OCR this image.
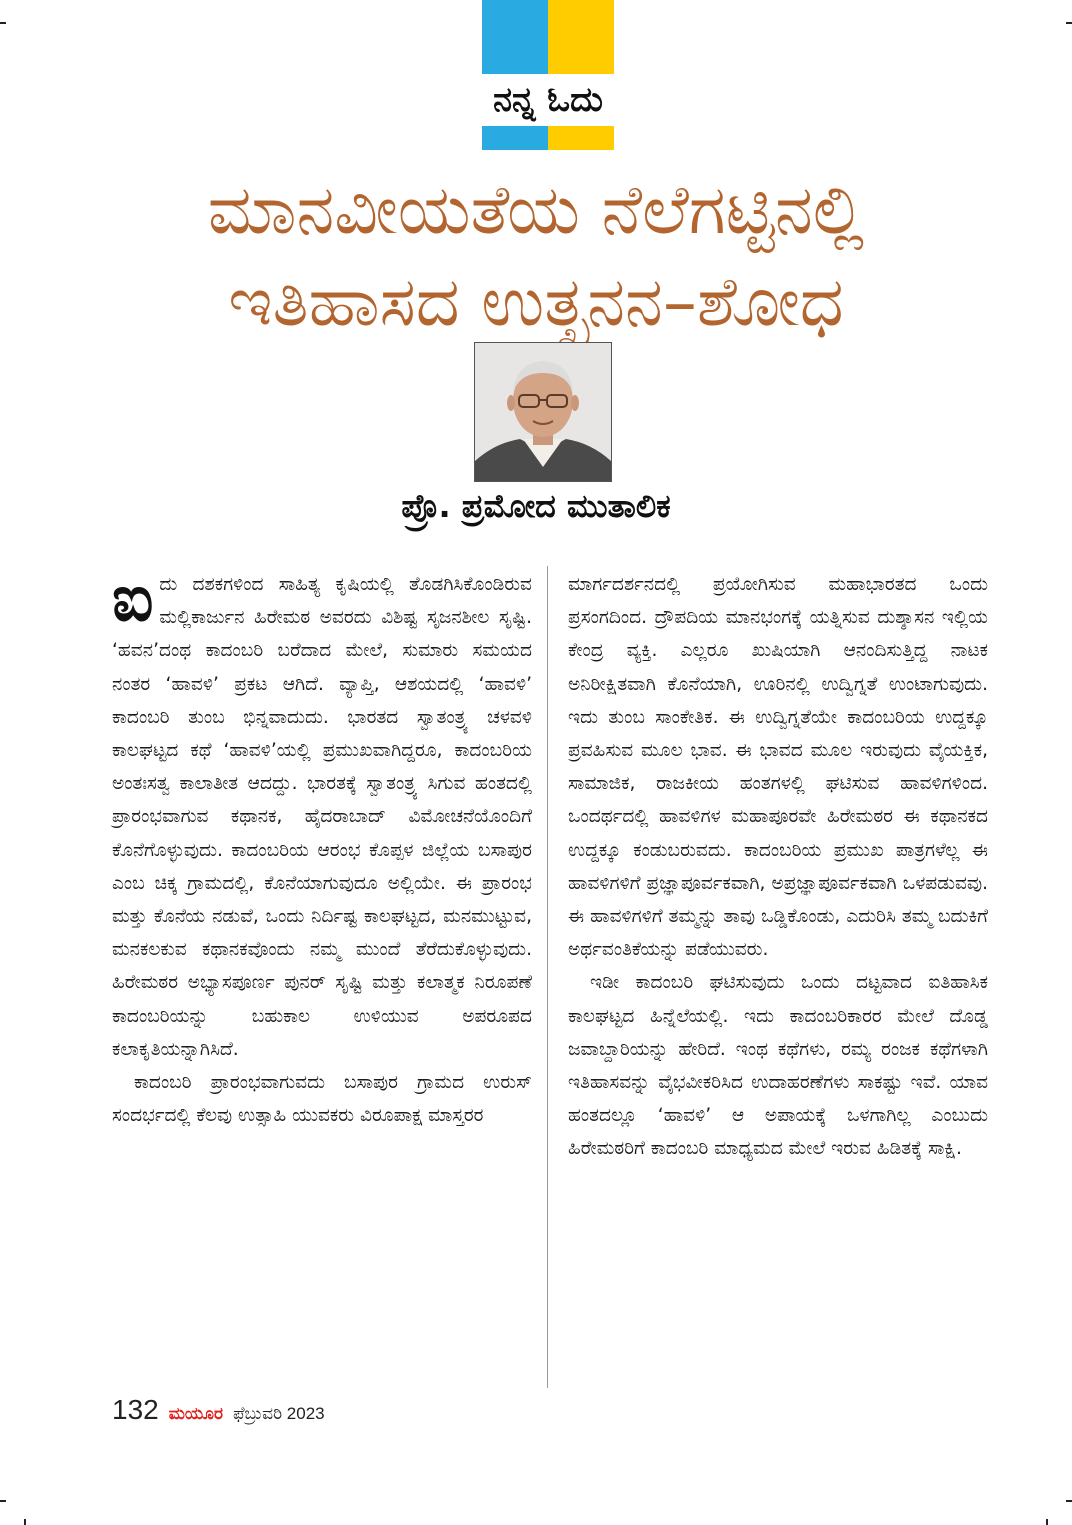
ನನ್ನ ಓದು
ಮಾನವೀಯತೆಯ ನೆಲೆಗಟ್ಟಿನಲ್ಲಿ
ಇತಿಹಾಸದ ಉತ್ಖನನ–ಶೋಧ
ಪ್ರೊ. ಪ್ರಮೋದ ಮುತಾಲಿಕ

ಐದು ದಶಕಗಳಿಂದ ಸಾಹಿತ್ಯ ಕೃಷಿಯಲ್ಲಿ ತೊಡಗಿಸಿಕೊಂಡಿರುವ ಮಲ್ಲಿಕಾರ್ಜುನ ಹಿರೇಮಠ ಅವರದು ವಿಶಿಷ್ಟ ಸೃಜನಶೀಲ ಸೃಷ್ಟಿ. ‘ಹವನ’ದಂಥ ಕಾದಂಬರಿ ಬರೆದಾದ ಮೇಲೆ, ಸುಮಾರು ಸಮಯದ ನಂತರ ‘ಹಾವಳಿ’ ಪ್ರಕಟ ಆಗಿದೆ. ವ್ಯಾಪ್ತಿ, ಆಶಯದಲ್ಲಿ ‘ಹಾವಳಿ’ ಕಾದಂಬರಿ ತುಂಬ ಭಿನ್ನವಾದುದು. ಭಾರತದ ಸ್ವಾತಂತ್ರ್ಯ ಚಳವಳಿ ಕಾಲಘಟ್ಟದ ಕಥೆ ‘ಹಾವಳಿ’ಯಲ್ಲಿ ಪ್ರಮುಖವಾಗಿದ್ದರೂ, ಕಾದಂಬರಿಯ ಅಂತಃಸತ್ವ ಕಾಲಾತೀತ ಆದದ್ದು. ಭಾರತಕ್ಕೆ ಸ್ವಾತಂತ್ರ್ಯ ಸಿಗುವ ಹಂತದಲ್ಲಿ ಪ್ರಾರಂಭವಾಗುವ ಕಥಾನಕ, ಹೈದರಾಬಾದ್ ವಿಮೋಚನೆಯೊಂದಿಗೆ ಕೊನೆಗೊಳ್ಳುವುದು. ಕಾದಂಬರಿಯ ಆರಂಭ ಕೊಪ್ಪಳ ಜಿಲ್ಲೆಯ ಬಸಾಪುರ ಎಂಬ ಚಿಕ್ಕ ಗ್ರಾಮದಲ್ಲಿ, ಕೊನೆಯಾಗುವುದೂ ಅಲ್ಲಿಯೇ. ಈ ಪ್ರಾರಂಭ ಮತ್ತು ಕೊನೆಯ ನಡುವೆ, ಒಂದು ನಿರ್ದಿಷ್ಟ ಕಾಲಘಟ್ಟದ, ಮನಮುಟ್ಟುವ, ಮನಕಲಕುವ ಕಥಾನಕವೊಂದು ನಮ್ಮ ಮುಂದೆ ತೆರೆದುಕೊಳ್ಳುವುದು. ಹಿರೇಮಠರ ಅಭ್ಯಾಸಪೂರ್ಣ ಪುನರ್ ಸೃಷ್ಟಿ ಮತ್ತು ಕಲಾತ್ಮಕ ನಿರೂಪಣೆ ಕಾದಂಬರಿಯನ್ನು ಬಹುಕಾಲ ಉಳಿಯುವ ಅಪರೂಪದ ಕಲಾಕೃತಿಯನ್ನಾಗಿಸಿದೆ.

ಕಾದಂಬರಿ ಪ್ರಾರಂಭವಾಗುವದು ಬಸಾಪುರ ಗ್ರಾಮದ ಉರುಸ್ ಸಂದರ್ಭದಲ್ಲಿ ಕೆಲವು ಉತ್ಸಾಹಿ ಯುವಕರು ವಿರೂಪಾಕ್ಷ ಮಾಸ್ತರರ

ಮಾರ್ಗದರ್ಶನದಲ್ಲಿ ಪ್ರಯೋಗಿಸುವ ಮಹಾಭಾರತದ ಒಂದು ಪ್ರಸಂಗದಿಂದ. ದ್ರೌಪದಿಯ ಮಾನಭಂಗಕ್ಕೆ ಯತ್ನಿಸುವ ದುಶ್ಶಾಸನ ಇಲ್ಲಿಯ ಕೇಂದ್ರ ವ್ಯಕ್ತಿ. ಎಲ್ಲರೂ ಖುಷಿಯಾಗಿ ಆನಂದಿಸುತ್ತಿದ್ದ ನಾಟಕ ಅನಿರೀಕ್ಷಿತವಾಗಿ ಕೊನೆಯಾಗಿ, ಊರಿನಲ್ಲಿ ಉದ್ವಿಗ್ನತೆ ಉಂಟಾಗುವುದು. ಇದು ತುಂಬ ಸಾಂಕೇತಿಕ. ಈ ಉದ್ವಿಗ್ನತೆಯೇ ಕಾದಂಬರಿಯ ಉದ್ದಕ್ಕೂ ಪ್ರವಹಿಸುವ ಮೂಲ ಭಾವ. ಈ ಭಾವದ ಮೂಲ ಇರುವುದು ವೈಯಕ್ತಿಕ, ಸಾಮಾಜಿಕ, ರಾಜಕೀಯ ಹಂತಗಳಲ್ಲಿ ಘಟಿಸುವ ಹಾವಳಿಗಳಿಂದ. ಒಂದರ್ಥದಲ್ಲಿ ಹಾವಳಿಗಳ ಮಹಾಪೂರವೇ ಹಿರೇಮಠರ ಈ ಕಥಾನಕದ ಉದ್ದಕ್ಕೂ ಕಂಡುಬರುವದು. ಕಾದಂಬರಿಯ ಪ್ರಮುಖ ಪಾತ್ರಗಳೆಲ್ಲ ಈ ಹಾವಳಿಗಳಿಗೆ ಪ್ರಜ್ಞಾಪೂರ್ವಕವಾಗಿ, ಅಪ್ರಜ್ಞಾಪೂರ್ವಕವಾಗಿ ಒಳಪಡುವವು. ಈ ಹಾವಳಿಗಳಿಗೆ ತಮ್ಮನ್ನು ತಾವು ಒಡ್ಡಿಕೊಂಡು, ಎದುರಿಸಿ ತಮ್ಮ ಬದುಕಿಗೆ ಅರ್ಥವಂತಿಕೆಯನ್ನು ಪಡೆಯುವರು.

ಇಡೀ ಕಾದಂಬರಿ ಘಟಿಸುವುದು ಒಂದು ದಟ್ಟವಾದ ಐತಿಹಾಸಿಕ ಕಾಲಘಟ್ಟದ ಹಿನ್ನೆಲೆಯಲ್ಲಿ. ಇದು ಕಾದಂಬರಿಕಾರರ ಮೇಲೆ ದೊಡ್ಡ ಜವಾಬ್ದಾರಿಯನ್ನು ಹೇರಿದೆ. ಇಂಥ ಕಥೆಗಳು, ರಮ್ಯ ರಂಜಕ ಕಥೆಗಳಾಗಿ ಇತಿಹಾಸವನ್ನು ವೈಭವೀಕರಿಸಿದ ಉದಾಹರಣೆಗಳು ಸಾಕಷ್ಟು ಇವೆ. ಯಾವ ಹಂತದಲ್ಲೂ ‘ಹಾವಳಿ’ ಆ ಅಪಾಯಕ್ಕೆ ಒಳಗಾಗಿಲ್ಲ ಎಂಬುದು ಹಿರೇಮಠರಿಗೆ ಕಾದಂಬರಿ ಮಾಧ್ಯಮದ ಮೇಲೆ ಇರುವ ಹಿಡಿತಕ್ಕೆ ಸಾಕ್ಷಿ.

132 ಮಯೂರ ಫೆಬ್ರುವರಿ 2023
